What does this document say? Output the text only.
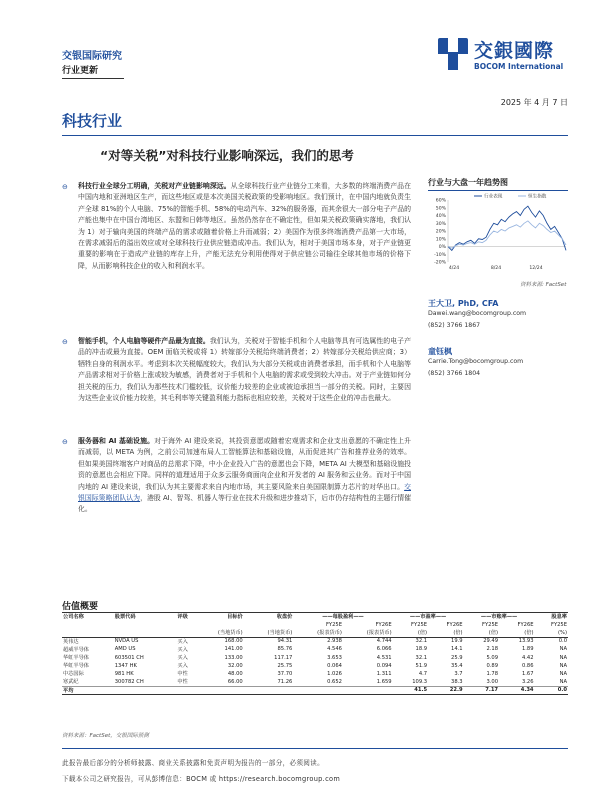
交银国际研究
行业更新
交銀國際
BOCOM International
2025 年 4 月 7 日
科技行业
“对等关税”对科技行业影响深远，我们的思考
⊖ 科技行业全球分工明确，关税对产业链影响深远。从全球科技行业产业链分工来看，大多数的终端消费产品在中国内地和亚洲地区生产，而这些地区或是本次美国关税政策的受影响地区。我们预计，在中国内地就负责生产全球 81%的个人电脑、75%的智能手机、58%的电动汽车、32%的服务器，而其余很大一部分电子产品的产能也集中在中国台湾地区、东盟和日韩等地区。虽然仍然存在不确定性，但如果关税政策确实落地，我们认为 1）对于输向美国的终端产品的需求或随着价格上升而减弱；2）美国作为很多终端消费产品第一大市场，在需求减弱后的溢出效应或对全球科技行业供应链造成冲击。我们认为，相对于美国市场本身，对于产业链更重要的影响在于造成产业链的库存上升，产能无法充分利用使得对于供应链公司输往全球其他市场的价格下降，从而影响科技企业的收入和利润水平。
⊖ 智能手机，个人电脑等硬件产品最为直接。我们认为，关税对于智能手机和个人电脑等具有可选属性的电子产品的冲击或最为直接。OEM 面临关税或将 1）转嫁部分关税给终端消费者；2）转嫁部分关税给供应商；3）牺牲自身的利润水平。考虑到本次关税幅度较大，我们认为大部分关税或由消费者承担，而手机和个人电脑等产品需求相对于价格上涨或较为敏感，消费者对于手机和个人电脑的需求或受到较大冲击。对于产业链如何分担关税的压力，我们认为那些技术门槛较低，议价能力较差的企业或被迫承担当一部分的关税。同时，主要因为这些企业议价能力较差，其毛利率等关键盈利能力指标也相应较差，关税对于这些企业的冲击也最大。
⊖ 服务器和 AI 基础设施。对于海外 AI 建设来说，其投资意愿或随着宏观需求和企业支出意愿的不确定性上升而减弱，以 META 为例，之前公司加速布局人工智能算法和基础设施，从而促进其广告和推荐业务的效率。但如果美国终端客户对商品的总需求下降，中小企业投入广告的意愿也会下降，META AI 大模型和基础设施投资的意愿也会相应下降。同样的道理适用于众多云服务商面向企业和开发者的 AI 服务和云业务。而对于中国内地的 AI 建设来说，我们认为其主要需求来自内地市场，其主要风险来自美国限制算力芯片的对华出口。交银国际策略团队认为，港股 AI、智驾、机器人等行业在技术升级和进步推动下，后市仍存结构性的主题行情催化。
行业与大盘一年趋势图
60%
50%
40%
30%
20%
10%
0%
-10%
-20%
4/24	8/24	12/24
行业表现	恒生指数
资料来源: FactSet
王大卫, PhD, CFA
Dawei.wang@bocomgroup.com
(852) 3766 1867
童钰枫
Carrie.Tong@bocomgroup.com
(852) 3766 1804
估值概要
公司名称	股票代码	评级	目标价	收盘价	——每股盈利——		——市盈率——		——市账率——		股息率
					FY25E	FY26E	FY25E	FY26E	FY25E	FY26E	FY25E
			(当地货币)	(当地货币)	(报表货币)	(报表货币)	(倍)	(倍)	(倍)	(倍)	(%)
英伟达	NVDA US	买入	168.00	94.31	2.938	4.744	32.1	19.9	29.49	13.93	0.0
超威半导体	AMD US	买入	141.00	85.76	4.546	6.066	18.9	14.1	2.18	1.89	NA
华虹半导体	603501 CH	买入	133.00	117.17	3.653	4.531	32.1	25.9	5.09	4.42	NA
华虹半导体	1347 HK	买入	32.00	25.75	0.064	0.094	51.9	35.4	0.89	0.86	NA
中芯国际	981 HK	中性	48.00	37.70	1.026	1.311	4.7	3.7	1.78	1.67	NA
寒武纪	300782 CH	中性	66.00	71.26	0.652	1.659	109.3	38.3	3.00	3.26	NA
平均							41.5	22.9	7.17	4.34	0.0
资料来源：FactSet，交银国际预测
此报告最后部分的分析师披露、商业关系披露和免责声明为报告的一部分，必须阅读。
下载本公司之研究报告，可从彭博信息：BOCM 或 https://research.bocomgroup.com
